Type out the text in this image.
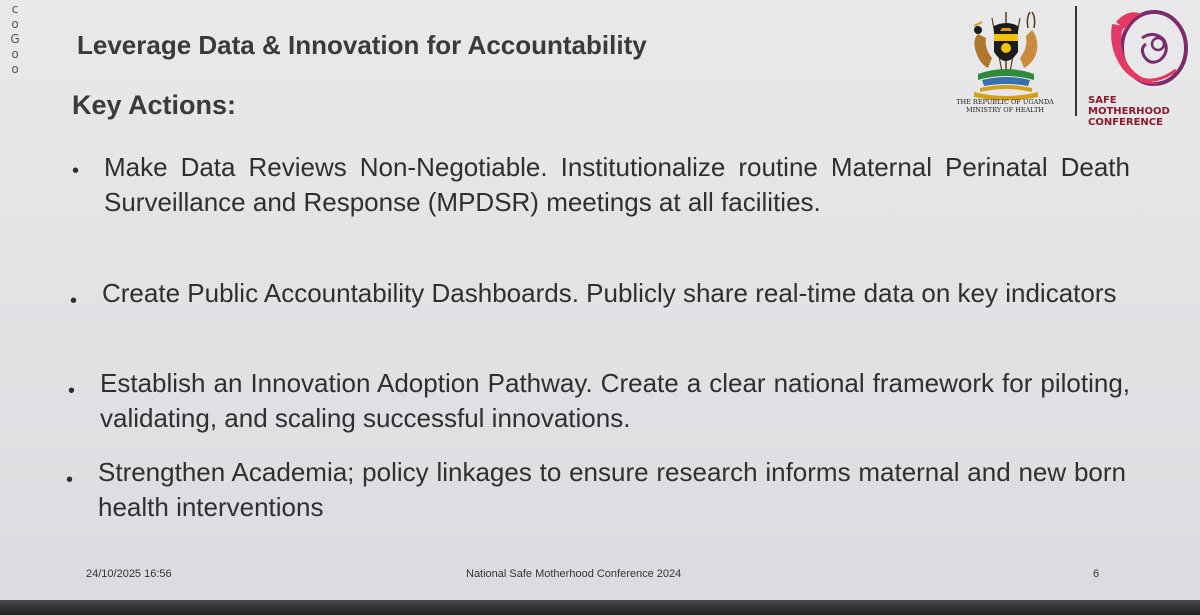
c
o
G
o
o
Leverage Data & Innovation for Accountability
Key Actions:
• Make Data Reviews Non-Negotiable. Institutionalize routine Maternal Perinatal Death Surveillance and Response (MPDSR) meetings at all facilities.
• Create Public Accountability Dashboards. Publicly share real-time data on key indicators
• Establish an Innovation Adoption Pathway. Create a clear national framework for piloting, validating, and scaling successful innovations.
• Strengthen Academia; policy linkages to ensure research informs maternal and new born health interventions
THE REPUBLIC OF UGANDA
MINISTRY OF HEALTH
SAFE MOTHERHOOD
CONFERENCE
24/10/2025 16:56	National Safe Motherhood Conference 2024	6
